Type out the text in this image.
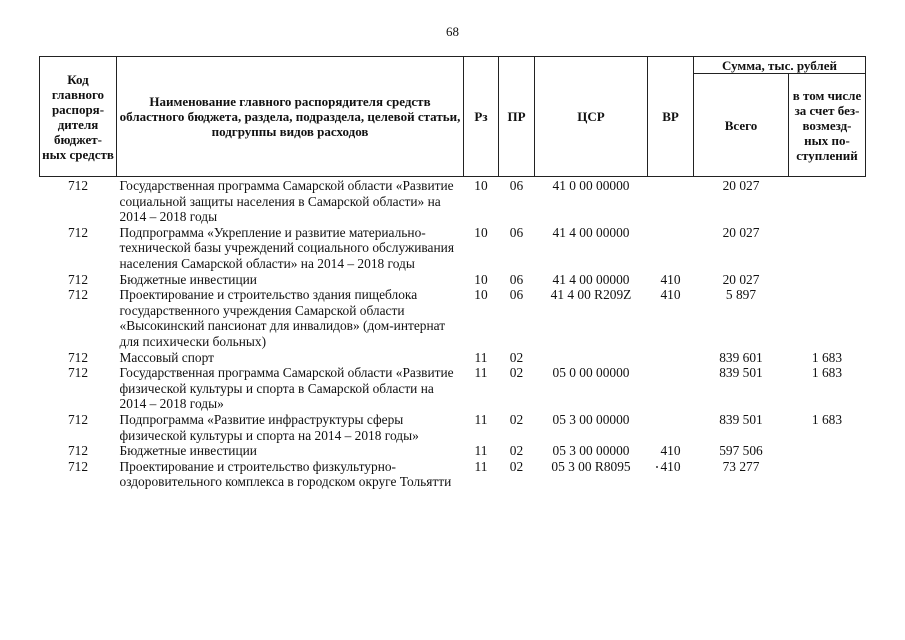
68
Код главного распоря-дителя бюджет-ных средств	Наименование главного распорядителя средств областного бюджета, раздела, подраздела, целевой статьи, подгруппы видов расходов	Рз	ПР	ЦСР	ВР	Сумма, тыс. рублей	
						Всего	в том числе за счет без-возмезд-ных по-ступлений
712	Государственная программа Самарской области «Развитие социальной защиты населения в Самарской области» на 2014 – 2018 годы	10	06	41 0 00 00000		20 027	
712	Подпрограмма «Укрепление и развитие материально-технической базы учреждений социального обслуживания населения Самарской области» на 2014 – 2018 годы	10	06	41 4 00 00000		20 027	
712	Бюджетные инвестиции	10	06	41 4 00 00000	410	20 027	
712	Проектирование и строительство здания пищеблока государственного учреждения Самарской области «Высокинский пансионат для инвалидов» (дом-интернат для психически больных)	10	06	41 4 00 R209Z	410	5 897	
712	Массовый спорт	11	02			839 601	1 683
712	Государственная программа Самарской области «Развитие физической культуры и спорта в Самарской области на 2014 – 2018 годы»	11	02	05 0 00 00000		839 501	1 683
712	Подпрограмма «Развитие инфраструктуры сферы физической культуры и спорта на 2014 – 2018 годы»	11	02	05 3 00 00000		839 501	1 683
712	Бюджетные инвестиции	11	02	05 3 00 00000	410	597 506	
712	Проектирование и строительство физкультурно-оздоровительного комплекса в городском округе Тольятти	11	02	05 3 00 R8095	410	73 277	
